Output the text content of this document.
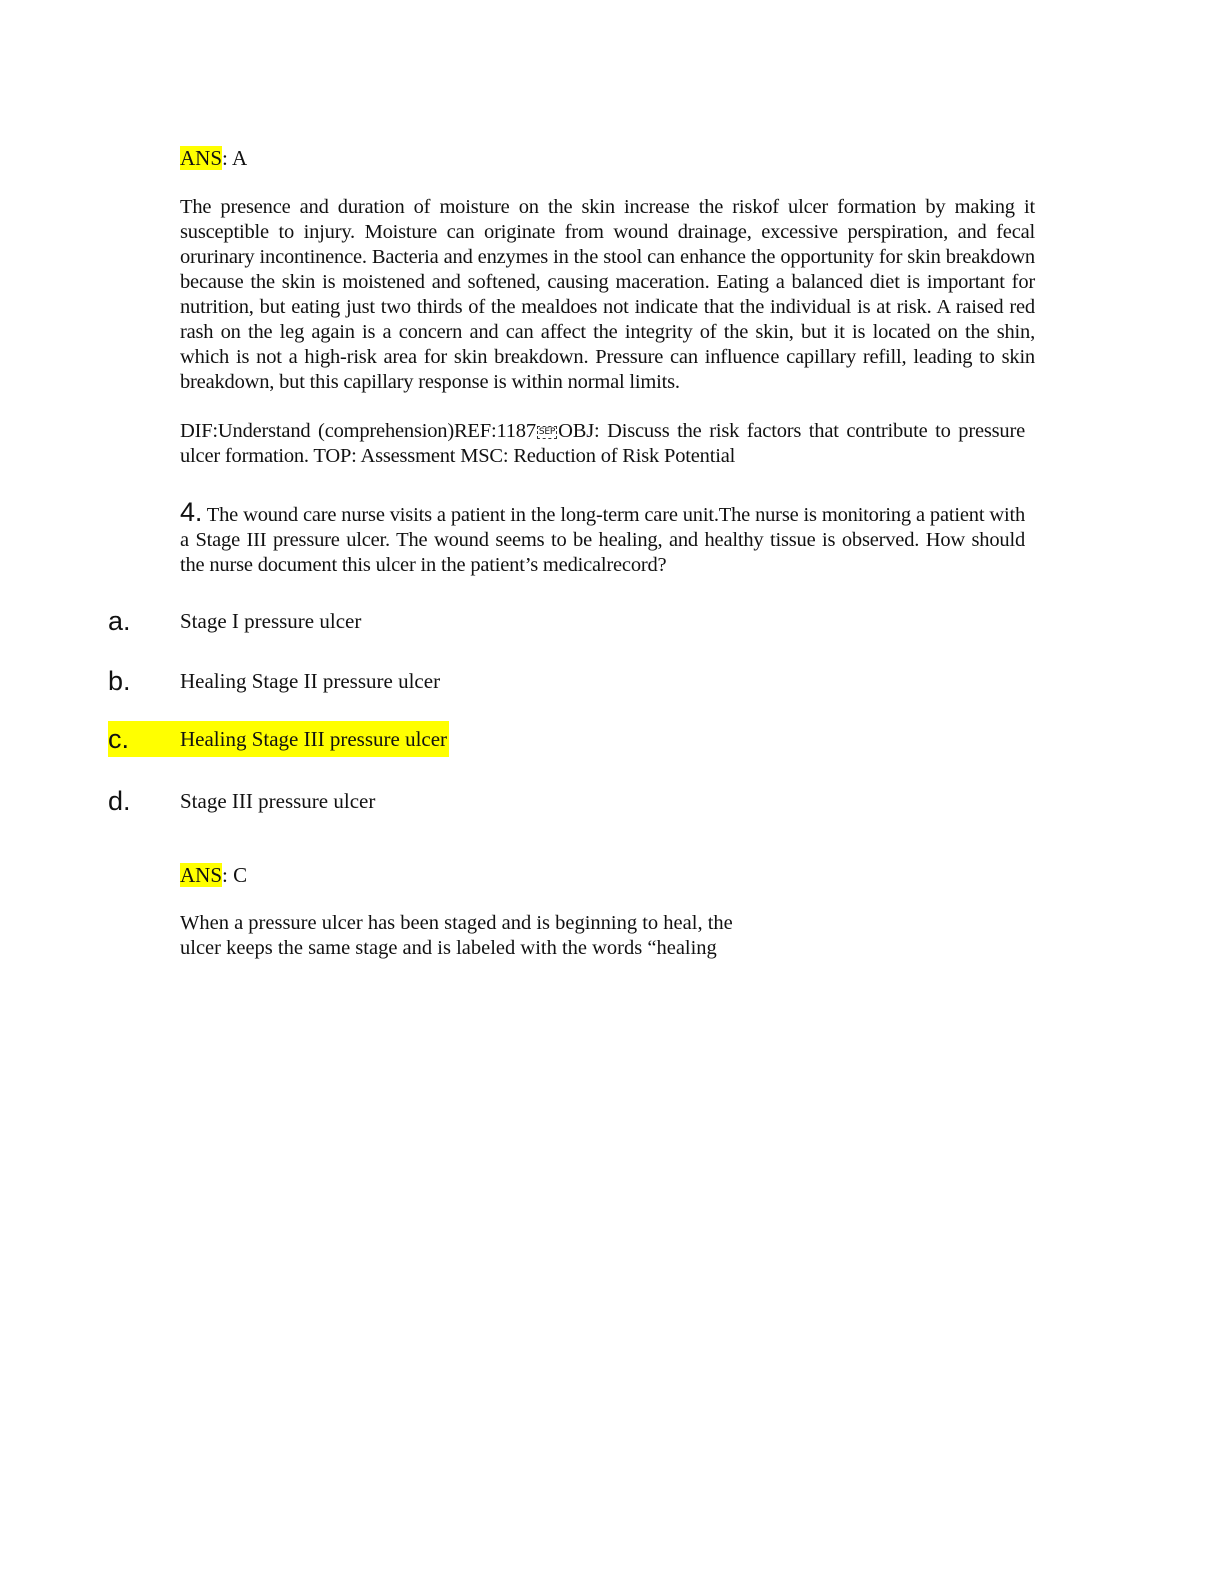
ANS: A
The presence and duration of moisture on the skin increase the riskof ulcer formation by making it susceptible to injury. Moisture can originate from wound drainage, excessive perspiration, and fecal orurinary incontinence. Bacteria and enzymes in the stool can enhance the opportunity for skin breakdown because the skin is moistened and softened, causing maceration. Eating a balanced diet is important for nutrition, but eating just two thirds of the mealdoes not indicate that the individual is at risk. A raised red rash on the leg again is a concern and can affect the integrity of the skin, but it is located on the shin, which is not a high-risk area for skin breakdown. Pressure can influence capillary refill, leading to skin breakdown, but this capillary response is within normal limits.
DIF:Understand (comprehension)REF:1187 SEP OBJ: Discuss the risk factors that contribute to pressure ulcer formation. TOP: Assessment MSC: Reduction of Risk Potential
4. The wound care nurse visits a patient in the long-term care unit.The nurse is monitoring a patient with a Stage III pressure ulcer. The wound seems to be healing, and healthy tissue is observed. How should the nurse document this ulcer in the patient’s medicalrecord?
a.	Stage I pressure ulcer
b.	Healing Stage II pressure ulcer
c.	Healing Stage III pressure ulcer
d.	Stage III pressure ulcer
ANS: C
When a pressure ulcer has been staged and is beginning to heal, the
ulcer keeps the same stage and is labeled with the words “healing
